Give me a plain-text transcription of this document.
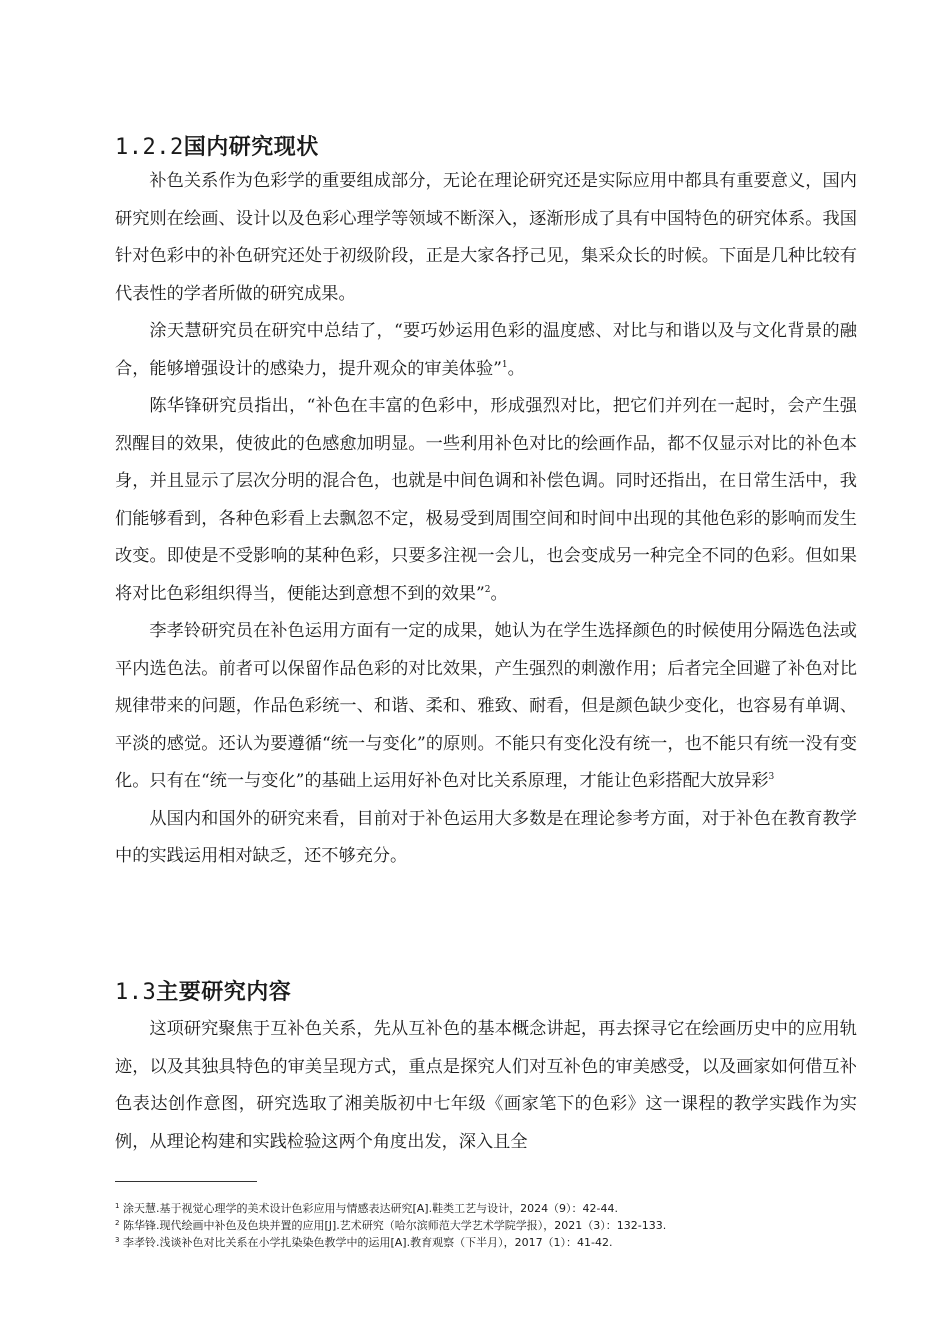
1.2.2国内研究现状

补色关系作为色彩学的重要组成部分，无论在理论研究还是实际应用中都具有重要意义，国内研究则在绘画、设计以及色彩心理学等领域不断深入，逐渐形成了具有中国特色的研究体系。我国针对色彩中的补色研究还处于初级阶段，正是大家各抒己见，集采众长的时候。下面是几种比较有代表性的学者所做的研究成果。

涂天慧研究员在研究中总结了，“要巧妙运用色彩的温度感、对比与和谐以及与文化背景的融合，能够增强设计的感染力，提升观众的审美体验”$^1$。

陈华锋研究员指出，“补色在丰富的色彩中，形成强烈对比，把它们并列在一起时，会产生强烈醒目的效果，使彼此的色感愈加明显。一些利用补色对比的绘画作品，都不仅显示对比的补色本身，并且显示了层次分明的混合色，也就是中间色调和补偿色调。同时还指出，在日常生活中，我们能够看到，各种色彩看上去飘忽不定，极易受到周围空间和时间中出现的其他色彩的影响而发生改变。即使是不受影响的某种色彩，只要多注视一会儿，也会变成另一种完全不同的色彩。但如果将对比色彩组织得当，便能达到意想不到的效果”$^2$。

李孝铃研究员在补色运用方面有一定的成果，她认为在学生选择颜色的时候使用分隔选色法或平内选色法。前者可以保留作品色彩的对比效果，产生强烈的刺激作用；后者完全回避了补色对比规律带来的问题，作品色彩统一、和谐、柔和、雅致、耐看，但是颜色缺少变化，也容易有单调、平淡的感觉。还认为要遵循“统一与变化”的原则。不能只有变化没有统一，也不能只有统一没有变化。只有在“统一与变化”的基础上运用好补色对比关系原理，才能让色彩搭配大放异彩$^3$

从国内和国外的研究来看，目前对于补色运用大多数是在理论参考方面，对于补色在教育教学中的实践运用相对缺乏，还不够充分。

1.3主要研究内容

这项研究聚焦于互补色关系，先从互补色的基本概念讲起，再去探寻它在绘画历史中的应用轨迹，以及其独具特色的审美呈现方式，重点是探究人们对互补色的审美感受，以及画家如何借互补色表达创作意图，研究选取了湘美版初中七年级《画家笔下的色彩》这一课程的教学实践作为实例，从理论构建和实践检验这两个角度出发，深入且全

$^1$ 涂天慧.基于视觉心理学的美术设计色彩应用与情感表达研究[A].鞋类工艺与设计，2024（9）：42-44.
$^2$ 陈华锋.现代绘画中补色及色块并置的应用[J].艺术研究（哈尔滨师范大学艺术学院学报），2021（3）：132-133.
$^3$ 李孝铃.浅谈补色对比关系在小学扎染染色教学中的运用[A].教育观察（下半月），2017（1）：41-42.
